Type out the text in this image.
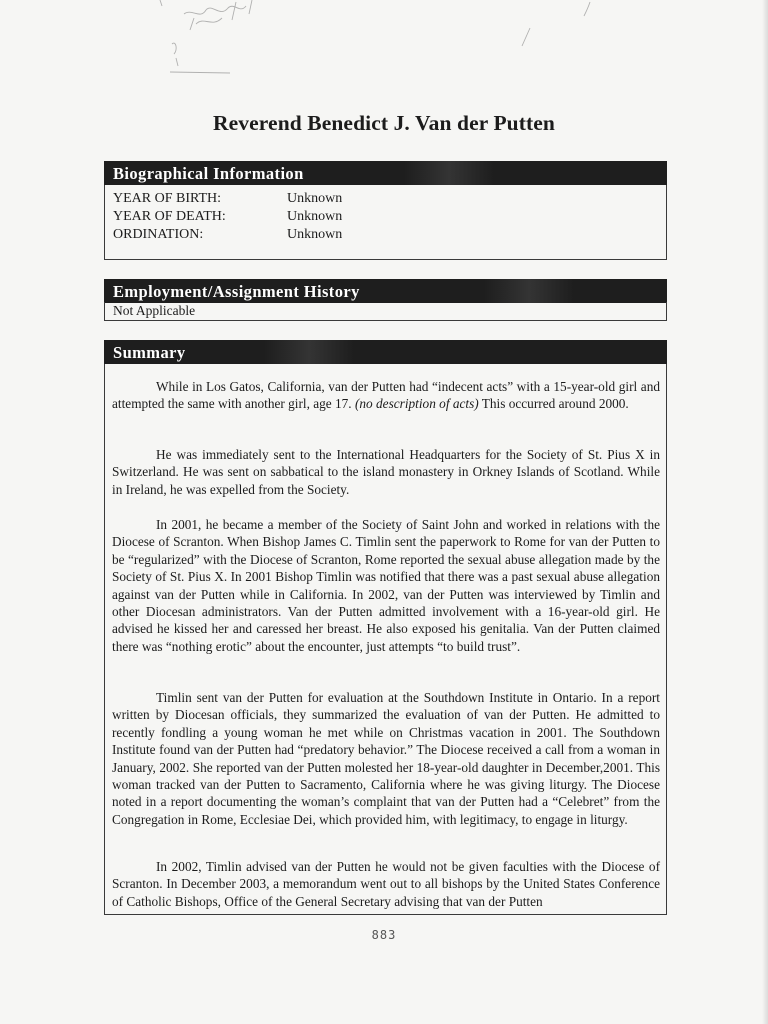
Reverend Benedict J. Van der Putten
Biographical Information
YEAR OF BIRTH:	Unknown
YEAR OF DEATH:	Unknown
ORDINATION:	Unknown
Employment/Assignment History
Not Applicable
Summary

While in Los Gatos, California, van der Putten had “indecent acts” with a 15-year-old girl and attempted the same with another girl, age 17. (no description of acts) This occurred around 2000.

He was immediately sent to the International Headquarters for the Society of St. Pius X in Switzerland. He was sent on sabbatical to the island monastery in Orkney Islands of Scotland. While in Ireland, he was expelled from the Society.

In 2001, he became a member of the Society of Saint John and worked in relations with the Diocese of Scranton. When Bishop James C. Timlin sent the paperwork to Rome for van der Putten to be “regularized” with the Diocese of Scranton, Rome reported the sexual abuse allegation made by the Society of St. Pius X. In 2001 Bishop Timlin was notified that there was a past sexual abuse allegation against van der Putten while in California. In 2002, van der Putten was interviewed by Timlin and other Diocesan administrators. Van der Putten admitted involvement with a 16-year-old girl. He advised he kissed her and caressed her breast. He also exposed his genitalia. Van der Putten claimed there was “nothing erotic” about the encounter, just attempts “to build trust”.

Timlin sent van der Putten for evaluation at the Southdown Institute in Ontario. In a report written by Diocesan officials, they summarized the evaluation of van der Putten. He admitted to recently fondling a young woman he met while on Christmas vacation in 2001. The Southdown Institute found van der Putten had “predatory behavior.” The Diocese received a call from a woman in January, 2002. She reported van der Putten molested her 18-year-old daughter in December,2001. This woman tracked van der Putten to Sacramento, California where he was giving liturgy. The Diocese noted in a report documenting the woman’s complaint that van der Putten had a “Celebret” from the Congregation in Rome, Ecclesiae Dei, which provided him, with legitimacy, to engage in liturgy.

In 2002, Timlin advised van der Putten he would not be given faculties with the Diocese of Scranton. In December 2003, a memorandum went out to all bishops by the United States Conference of Catholic Bishops, Office of the General Secretary advising that van der Putten

883
